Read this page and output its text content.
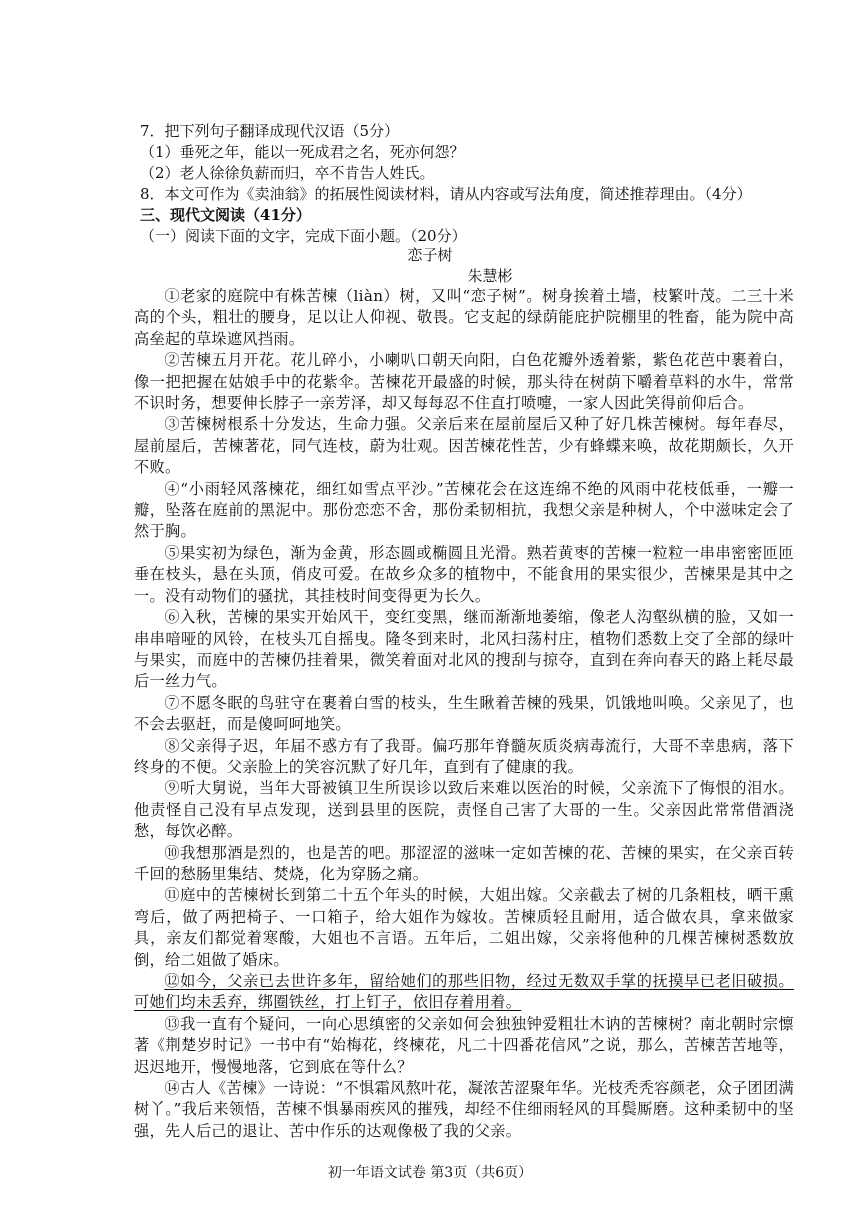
7．把下列句子翻译成现代汉语（5分）

（1）垂死之年，能以一死成君之名，死亦何怨？

（2）老人徐徐负薪而归，卒不肯告人姓氏。

8．本文可作为《卖油翁》的拓展性阅读材料，请从内容或写法角度，简述推荐理由。（4分）

三、现代文阅读（41分）

（一）阅读下面的文字，完成下面小题。（20分）

恋子树

朱慧彬

①老家的庭院中有株苦楝（liàn）树，又叫“恋子树”。树身挨着土墙，枝繁叶茂。二三十米高的个头，粗壮的腰身，足以让人仰视、敬畏。它支起的绿荫能庇护院棚里的牲畜，能为院中高高垒起的草垛遮风挡雨。

②苦楝五月开花。花儿碎小，小喇叭口朝天向阳，白色花瓣外透着紫，紫色花芭中裹着白，像一把把握在姑娘手中的花紫伞。苦楝花开最盛的时候，那头待在树荫下嚼着草料的水牛，常常不识时务，想要伸长脖子一亲芳泽，却又每每忍不住直打喷嚏，一家人因此笑得前仰后合。

③苦楝树根系十分发达，生命力强。父亲后来在屋前屋后又种了好几株苦楝树。每年春尽，屋前屋后，苦楝著花，同气连枝，蔚为壮观。因苦楝花性苦，少有蜂蝶来唤，故花期颇长，久开不败。

④“小雨轻风落楝花，细红如雪点平沙。”苦楝花会在这连绵不绝的风雨中花枝低垂，一瓣一瓣，坠落在庭前的黑泥中。那份恋恋不舍，那份柔韧相抗，我想父亲是种树人，个中滋味定会了然于胸。

⑤果实初为绿色，渐为金黄，形态圆或椭圆且光滑。熟若黄枣的苦楝一粒粒一串串密密匝匝垂在枝头，悬在头顶，俏皮可爱。在故乡众多的植物中，不能食用的果实很少，苦楝果是其中之一。没有动物们的骚扰，其挂枝时间变得更为长久。

⑥入秋，苦楝的果实开始风干，变红变黑，继而渐渐地萎缩，像老人沟壑纵横的脸，又如一串串喑哑的风铃，在枝头兀自摇曳。隆冬到来时，北风扫荡村庄，植物们悉数上交了全部的绿叶与果实，而庭中的苦楝仍挂着果，微笑着面对北风的搜刮与掠夺，直到在奔向春天的路上耗尽最后一丝力气。

⑦不愿冬眠的鸟驻守在裹着白雪的枝头，生生瞅着苦楝的残果，饥饿地叫唤。父亲见了，也不会去驱赶，而是傻呵呵地笑。

⑧父亲得子迟，年届不惑方有了我哥。偏巧那年脊髓灰质炎病毒流行，大哥不幸患病，落下终身的不便。父亲脸上的笑容沉默了好几年，直到有了健康的我。

⑨听大舅说，当年大哥被镇卫生所误诊以致后来难以医治的时候，父亲流下了悔恨的泪水。他责怪自己没有早点发现，送到县里的医院，责怪自己害了大哥的一生。父亲因此常常借酒浇愁，每饮必醉。

⑩我想那酒是烈的，也是苦的吧。那涩涩的滋味一定如苦楝的花、苦楝的果实，在父亲百转千回的愁肠里集结、焚烧，化为穿肠之痛。

⑪庭中的苦楝树长到第二十五个年头的时候，大姐出嫁。父亲截去了树的几条粗枝，晒干熏弯后，做了两把椅子、一口箱子，给大姐作为嫁妆。苦楝质轻且耐用，适合做农具，拿来做家具，亲友们都觉着寒酸，大姐也不言语。五年后，二姐出嫁，父亲将他种的几棵苦楝树悉数放倒，给二姐做了婚床。

⑫如今，父亲已去世许多年，留给她们的那些旧物，经过无数双手掌的抚摸早已老旧破损。可她们均未丢弃，绑圈铁丝，打上钉子，依旧存着用着。

⑬我一直有个疑问，一向心思缜密的父亲如何会独独钟爱粗壮木讷的苦楝树？南北朝时宗懔著《荆楚岁时记》一书中有“始梅花，终楝花，凡二十四番花信风”之说，那么，苦楝苦苦地等，迟迟地开，慢慢地落，它到底在等什么？

⑭古人《苦楝》一诗说：“不惧霜风熬叶花，凝浓苦涩聚年华。光枝秃秃容颜老，众子团团满树丫。”我后来领悟，苦楝不惧暴雨疾风的摧残，却经不住细雨轻风的耳鬓厮磨。这种柔韧中的坚强，先人后己的退让、苦中作乐的达观像极了我的父亲。

初一年语文试卷 第3页（共6页）
